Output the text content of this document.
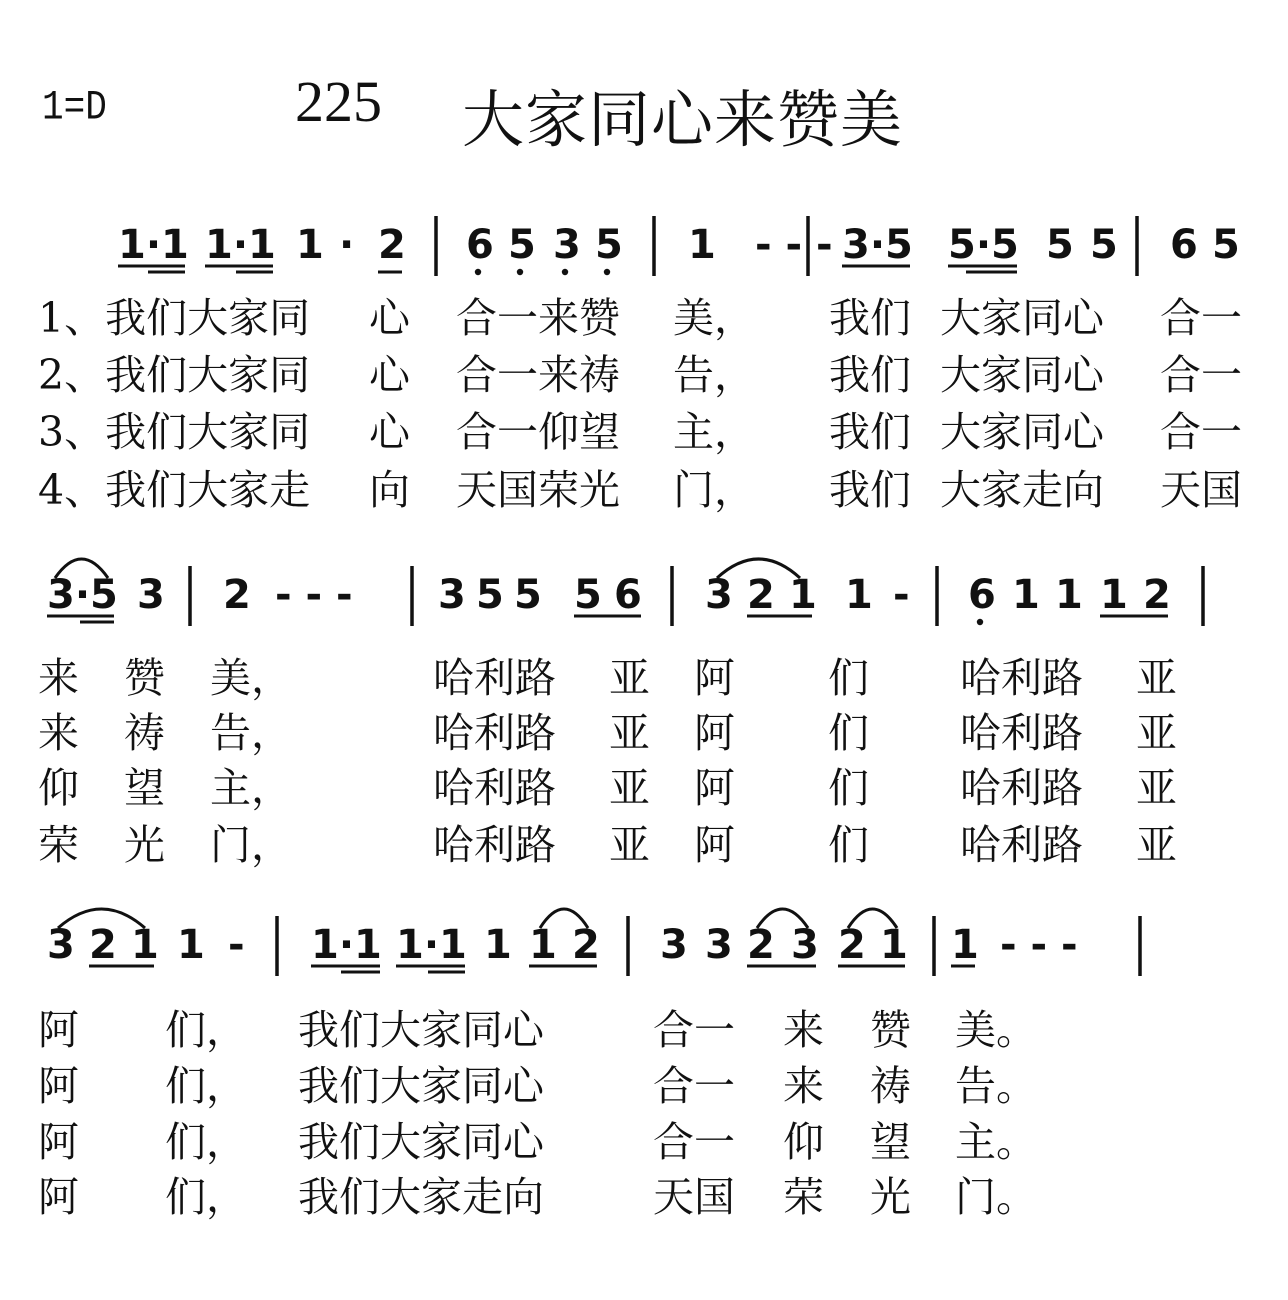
1=D	225 大家同心来赞美
1·1 1·1 1 · 2 6 5 3 5 1 - - - 3·5 5·5 5 5 6 5
1、我们大家同 心 合一来赞 美， 我们 大家同心 合一
2、我们大家同 心 合一来祷 告， 我们 大家同心 合一
3、我们大家同 心 合一仰望 主， 我们 大家同心 合一
4、我们大家走 向 天国荣光 门， 我们 大家走向 天国
3·5 3 2 - - - 3 5 5 5 6 3 2 1 1 - 6 1 1 1 2
来 赞 美，	哈利路 亚 阿 们 哈利路 亚
来 祷 告，	哈利路 亚 阿 们 哈利路 亚
仰 望 主，	哈利路 亚 阿 们 哈利路 亚
荣 光 门，	哈利路 亚 阿 们 哈利路 亚
3 2 1 1 - 1·1 1·1 1 1 2 3 3 2 3 2 1 1 - - -
阿 们， 我们大家同心	合一 来 赞 美。
阿 们， 我们大家同心	合一 来 祷 告。
阿 们， 我们大家同心	合一 仰 望 主。
阿 们， 我们大家走向	天国 荣 光 门。
